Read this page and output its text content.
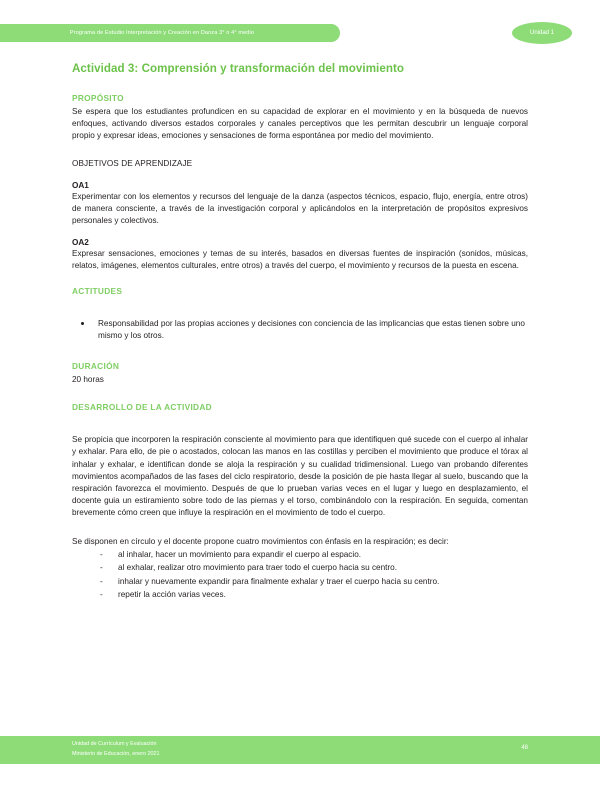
Programa de Estudio Interpretación y Creación en Danza 3° o 4° medio	Unidad 1
Actividad 3: Comprensión y transformación del movimiento
PROPÓSITO

Se espera que los estudiantes profundicen en su capacidad de explorar en el movimiento y en la búsqueda de nuevos enfoques, activando diversos estados corporales y canales perceptivos que les permitan descubrir un lenguaje corporal propio y expresar ideas, emociones y sensaciones de forma espontánea por medio del movimiento.

OBJETIVOS DE APRENDIZAJE
OA1

Experimentar con los elementos y recursos del lenguaje de la danza (aspectos técnicos, espacio, flujo, energía, entre otros) de manera consciente, a través de la investigación corporal y aplicándolos en la interpretación de propósitos expresivos personales y colectivos.

OA2

Expresar sensaciones, emociones y temas de su interés, basados en diversas fuentes de inspiración (sonidos, músicas, relatos, imágenes, elementos culturales, entre otros) a través del cuerpo, el movimiento y recursos de la puesta en escena.

ACTITUDES
Responsabilidad por las propias acciones y decisiones con conciencia de las implicancias que estas tienen sobre uno mismo y los otros.
DURACIÓN

20 horas

DESARROLLO DE LA ACTIVIDAD

Se propicia que incorporen la respiración consciente al movimiento para que identifiquen qué sucede con el cuerpo al inhalar y exhalar. Para ello, de pie o acostados, colocan las manos en las costillas y perciben el movimiento que produce el tórax al inhalar y exhalar, e identifican donde se aloja la respiración y su cualidad tridimensional. Luego van probando diferentes movimientos acompañados de las fases del ciclo respiratorio, desde la posición de pie hasta llegar al suelo, buscando que la respiración favorezca el movimiento. Después de que lo prueban varias veces en el lugar y luego en desplazamiento, el docente guia un estiramiento sobre todo de las piernas y el torso, combinándolo con la respiración. En seguida, comentan brevemente cómo creen que influye la respiración en el movimiento de todo el cuerpo.

Se disponen en círculo y el docente propone cuatro movimientos con énfasis en la respiración; es decir:

- al inhalar, hacer un movimiento para expandir el cuerpo al espacio.
- al exhalar, realizar otro movimiento para traer todo el cuerpo hacia su centro.
- inhalar y nuevamente expandir para finalmente exhalar y traer el cuerpo hacia su centro.
- repetir la acción varias veces.
Unidad de Currículum y Evaluación
Ministerio de Educación, enero 2021
48
